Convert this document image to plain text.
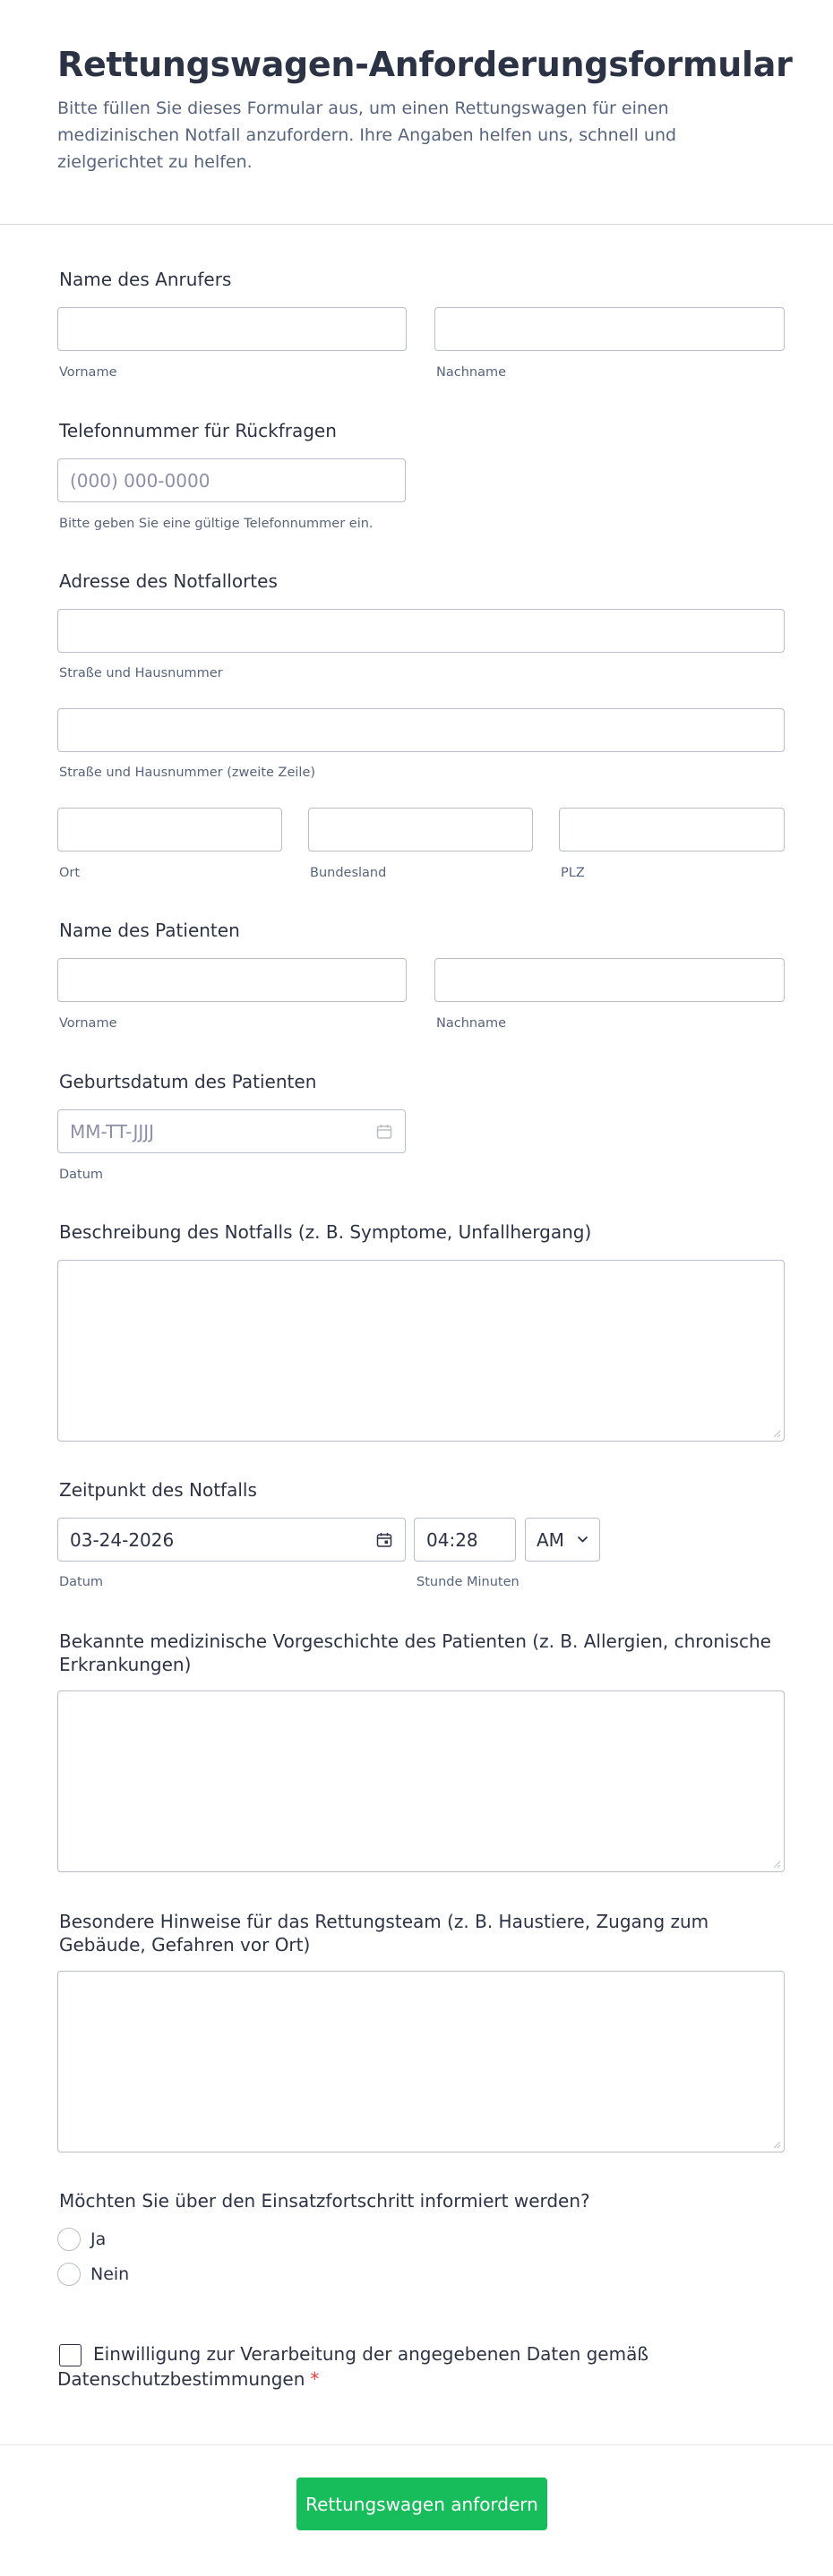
Rettungswagen-Anforderungsformular
Bitte füllen Sie dieses Formular aus, um einen Rettungswagen für einen medizinischen Notfall anzufordern. Ihre Angaben helfen uns, schnell und zielgerichtet zu helfen.
Name des Anrufers
Vorname	Nachname
Telefonnummer für Rückfragen
(000) 000-0000
Bitte geben Sie eine gültige Telefonnummer ein.
Adresse des Notfallortes
Straße und Hausnummer
Straße und Hausnummer (zweite Zeile)
Ort	Bundesland	PLZ
Name des Patienten
Vorname	Nachname
Geburtsdatum des Patienten
MM-TT-JJJJ
Datum
Beschreibung des Notfalls (z. B. Symptome, Unfallhergang)
Zeitpunkt des Notfalls
03-24-2026	04:28	AM
Datum	Stunde Minuten
Bekannte medizinische Vorgeschichte des Patienten (z. B. Allergien, chronische Erkrankungen)
Besondere Hinweise für das Rettungsteam (z. B. Haustiere, Zugang zum Gebäude, Gefahren vor Ort)
Möchten Sie über den Einsatzfortschritt informiert werden?
Ja
Nein
Einwilligung zur Verarbeitung der angegebenen Daten gemäß Datenschutzbestimmungen *
Rettungswagen anfordern
